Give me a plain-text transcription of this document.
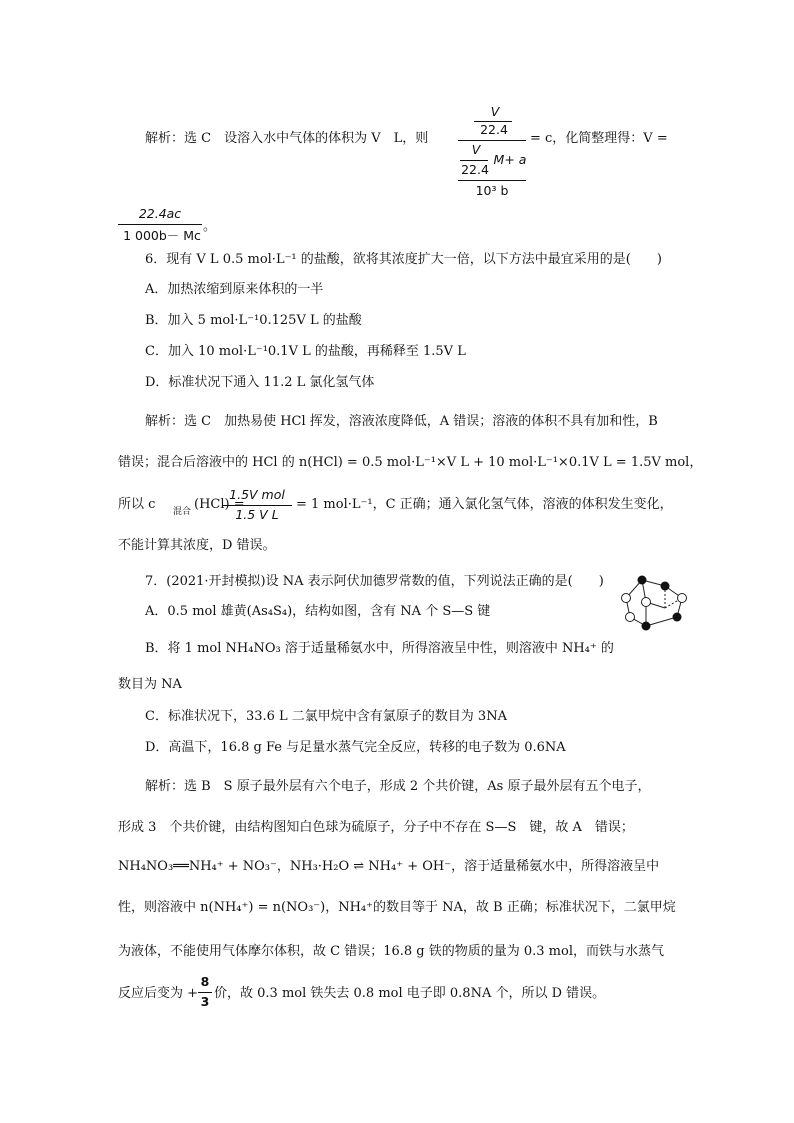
解析：选 C　设溶入水中气体的体积为 V　L，则
V
22.4
= c，化简整理得：V =
V
M+ a
22.4
10³ b
22.4ac
1 000b－ Mc
。
6．现有 V L 0.5 mol·L⁻¹ 的盐酸，欲将其浓度扩大一倍，以下方法中最宜采用的是(　　)
A．加热浓缩到原来体积的一半
B．加入 5 mol·L⁻¹0.125V L 的盐酸
C．加入 10 mol·L⁻¹0.1V L 的盐酸，再稀释至 1.5V L
D．标准状况下通入 11.2 L 氯化氢气体
解析：选 C　加热易使 HCl 挥发，溶液浓度降低，A 错误；溶液的体积不具有加和性，B
错误；混合后溶液中的 HCl 的 n(HCl) = 0.5 mol·L⁻¹×V L + 10 mol·L⁻¹×0.1V L = 1.5V mol，
所以 c 混合 (HCl) =
1.5V mol
1.5 V L
= 1 mol·L⁻¹，C 正确；通入氯化氢气体，溶液的体积发生变化，
不能计算其浓度，D 错误。
7．(2021·开封模拟)设 NA 表示阿伏加德罗常数的值，下列说法正确的是(　　)
A．0.5 mol 雄黄(As₄S₄)，结构如图，含有 NA 个 S—S 键
B．将 1 mol NH₄NO₃ 溶于适量稀氨水中，所得溶液呈中性，则溶液中 NH₄⁺ 的
数目为 NA
C．标准状况下，33.6 L 二氯甲烷中含有氯原子的数目为 3NA
D．高温下，16.8 g Fe 与足量水蒸气完全反应，转移的电子数为 0.6NA
解析：选 B　S 原子最外层有六个电子，形成 2 个共价键，As 原子最外层有五个电子，
形成 3　个共价键，由结构图知白色球为硫原子，分子中不存在 S—S　键，故 A　错误；
NH₄NO₃══NH₄⁺ + NO₃⁻，NH₃·H₂O ⇌ NH₄⁺ + OH⁻，溶于适量稀氨水中，所得溶液呈中
性，则溶液中 n(NH₄⁺) = n(NO₃⁻)，NH₄⁺的数目等于 NA，故 B 正确；标准状况下，二氯甲烷
为液体，不能使用气体摩尔体积，故 C 错误；16.8 g 铁的物质的量为 0.3 mol，而铁与水蒸气
反应后变为 +
8
3
价，故 0.3 mol 铁失去 0.8 mol 电子即 0.8NA 个，所以 D 错误。
